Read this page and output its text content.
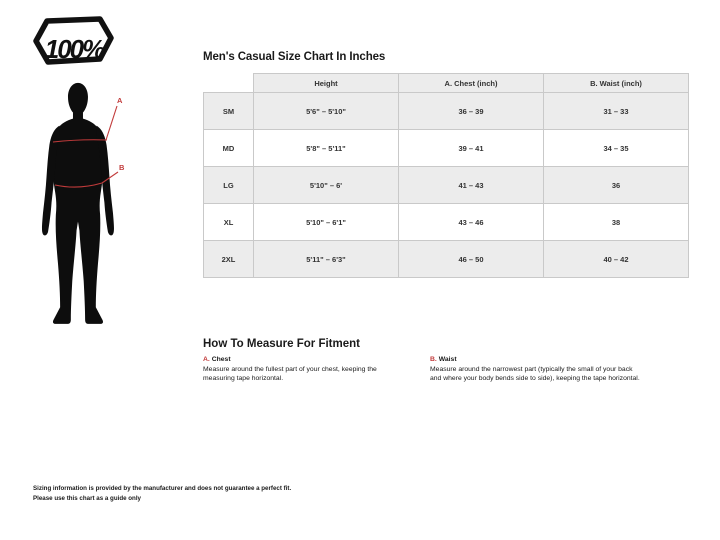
100%
A
B
Men's Casual Size Chart In Inches
	Height	A. Chest (inch)	B. Waist (inch)
SM	5'6" – 5'10"	36 – 39	31 – 33
MD	5'8" – 5'11"	39 – 41	34 – 35
LG	5'10" – 6'	41 – 43	36
XL	5'10" – 6'1"	43 – 46	38
2XL	5'11" – 6'3"	46 – 50	40 – 42
How To Measure For Fitment
A. Chest
Measure around the fullest part of your chest, keeping the measuring tape horizontal.
B. Waist
Measure around the narrowest part (typically the small of your back and where your body bends side to side), keeping the tape horizontal.
Sizing information is provided by the manufacturer and does not guarantee a perfect fit.
Please use this chart as a guide only
